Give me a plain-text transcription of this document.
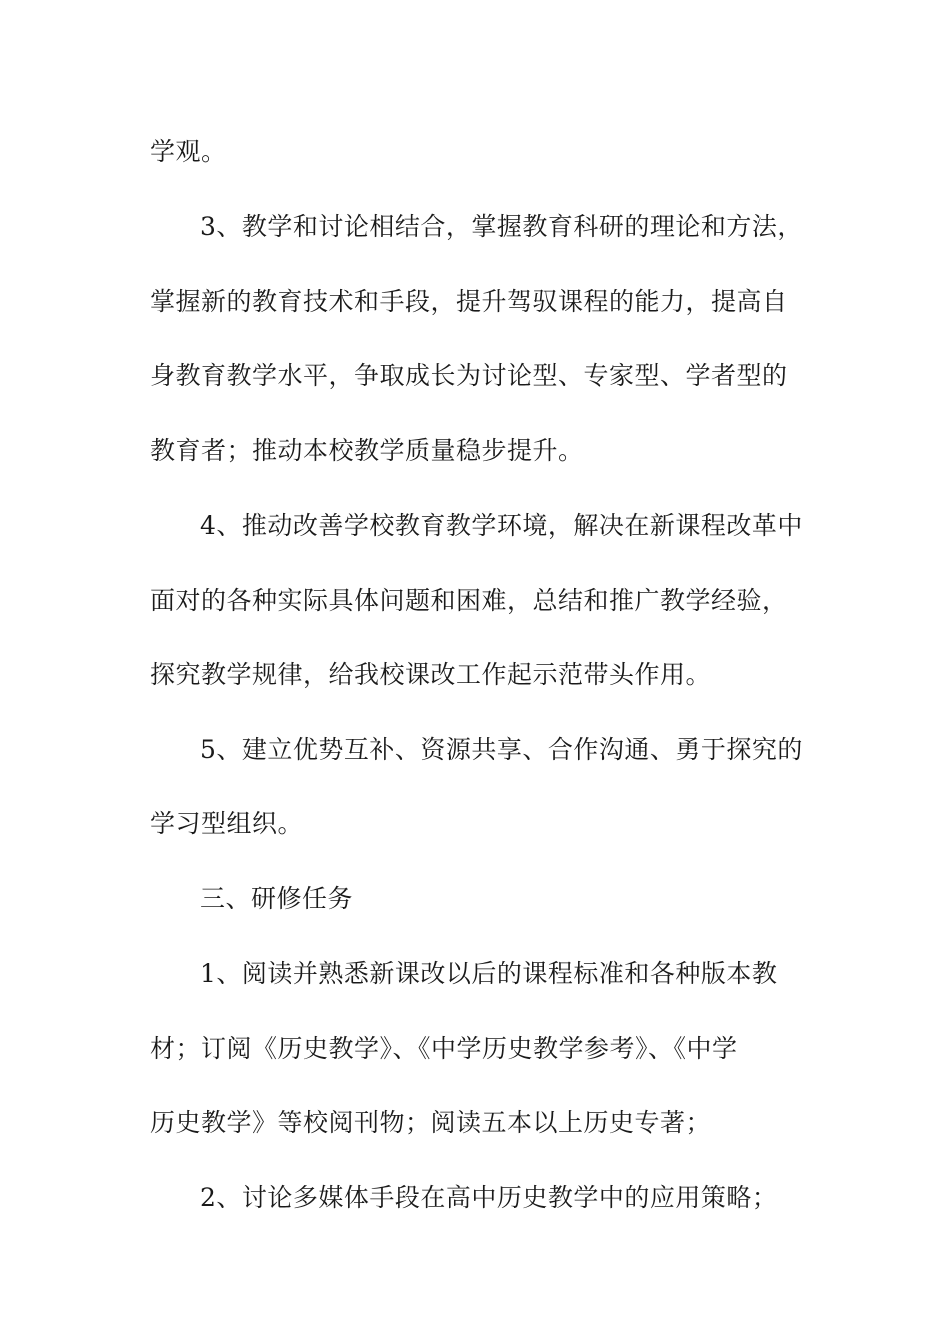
学观。
3、教学和讨论相结合，掌握教育科研的理论和方法，
掌握新的教育技术和手段，提升驾驭课程的能力，提高自
身教育教学水平，争取成长为讨论型、专家型、学者型的
教育者；推动本校教学质量稳步提升。
4、推动改善学校教育教学环境，解决在新课程改革中
面对的各种实际具体问题和困难，总结和推广教学经验，
探究教学规律，给我校课改工作起示范带头作用。
5、建立优势互补、资源共享、合作沟通、勇于探究的
学习型组织。
三、研修任务
1、阅读并熟悉新课改以后的课程标准和各种版本教
材；订阅《历史教学》、《中学历史教学参考》、《中学
历史教学》等校阅刊物；阅读五本以上历史专著；
2、讨论多媒体手段在高中历史教学中的应用策略；
